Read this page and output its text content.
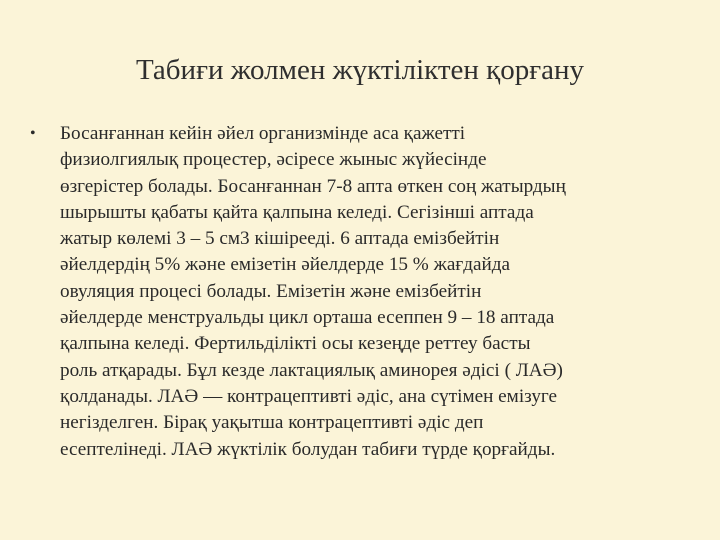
Табиғи жолмен жүктіліктен қорғану
• Босанғаннан кейін әйел организмінде аса қажетті
физиолгиялық процестер, әсіресе жыныс жүйесінде
өзгерістер болады. Босанғаннан 7-8 апта өткен соң жатырдың
шырышты қабаты қайта қалпына келеді. Сегізінші аптада
жатыр көлемі 3 – 5 см3 кішірееді. 6 аптада емізбейтін
әйелдердің 5% және емізетін әйелдерде 15 % жағдайда
овуляция процесі болады. Емізетін және емізбейтін
әйелдерде менструальды цикл орташа есеппен 9 – 18 аптада
қалпына келеді. Фертильділікті осы кезеңде реттеу басты
роль атқарады. Бұл кезде лактациялық аминорея әдісі ( ЛАӘ)
қолданады. ЛАӘ — контрацептивті әдіс, ана сүтімен емізуге
негізделген. Бірақ уақытша контрацептивті әдіс деп
есептелінеді. ЛАӘ жүктілік болудан табиғи түрде қорғайды.
